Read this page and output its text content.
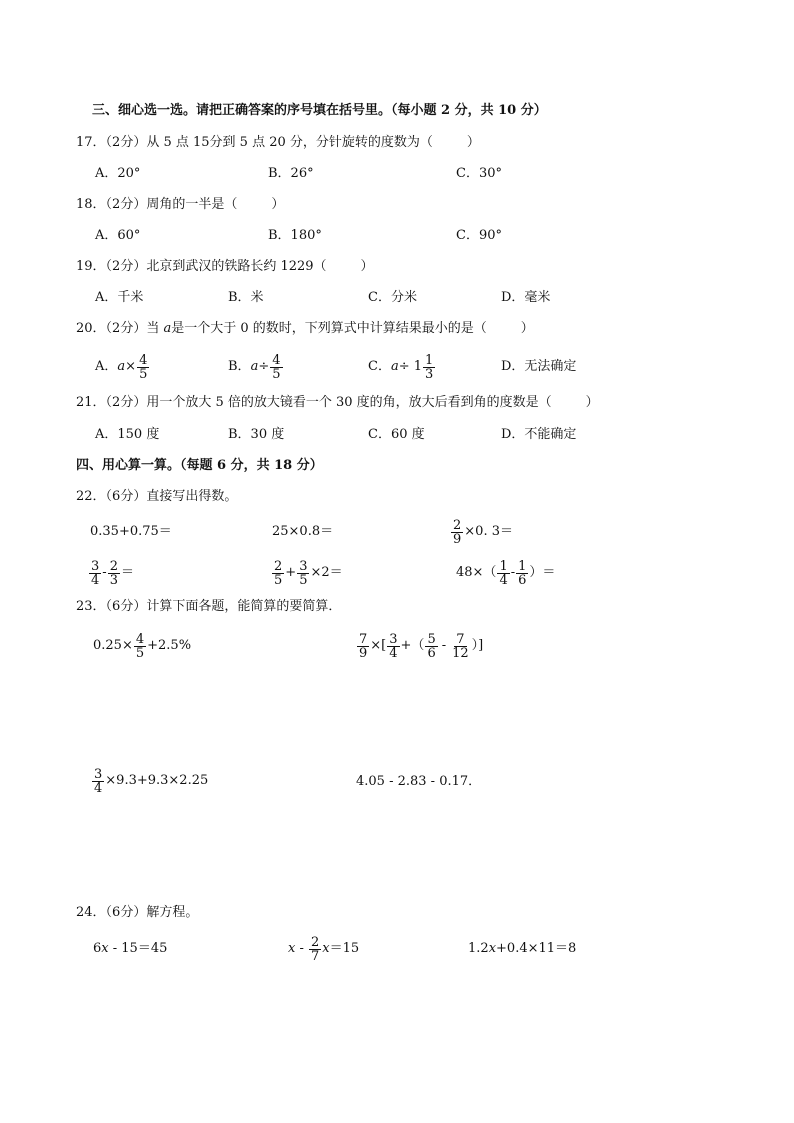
三、细心选一选。请把正确答案的序号填在括号里。（每小题 2 分，共 10 分）
17．（2分）从 5 点 15分到 5 点 20 分，分针旋转的度数为（	）
A．20°	B．26°	C．30°
18．（2分）周角的一半是（	）
A．60°	B．180°	C．90°
19．（2分）北京到武汉的铁路长约 1229（	）
A．千米	B．米	C．分米	D．毫米
20．（2分）当 a是一个大于 0 的数时，下列算式中计算结果最小的是（	）
A． $a \times \frac{4}{5}$	B． $a \div \frac{4}{5}$	C． $a \div 1 \frac{1}{3}$	D．无法确定
21．（2分）用一个放大 5 倍的放大镜看一个 30 度的角，放大后看到角的度数是（	）
A．150 度	B．30 度	C．60 度	D．不能确定
四、用心算一算。（每题 6 分，共 18 分）
22．（6分）直接写出得数。
0.35+0.75＝	25×0.8＝	$\frac{2}{9} \times 0$. 3＝
$\frac{3}{4} - \frac{2}{3}$ ＝	$\frac{2}{5} + \frac{3}{5} \times 2=$	$48\times( \frac{1}{4} - \frac{1}{6}$ ）＝
23．（6分）计算下面各题，能简算的要简算．
$0.25\times \frac{4}{5} +2.5\%$	$\frac{7}{9}$ ×[ $\frac{3}{4}$ +（ $\frac{5}{6} - \frac{7}{12}$ ）]
$\frac{3}{4} \times 9.3+9.3\times 2.25$	4.05 - 2.83 - 0.17．
24．（6分）解方程。
6x - 15＝45	x - $\frac{2}{7}$ x ＝15	1.2x+0.4×11＝8
